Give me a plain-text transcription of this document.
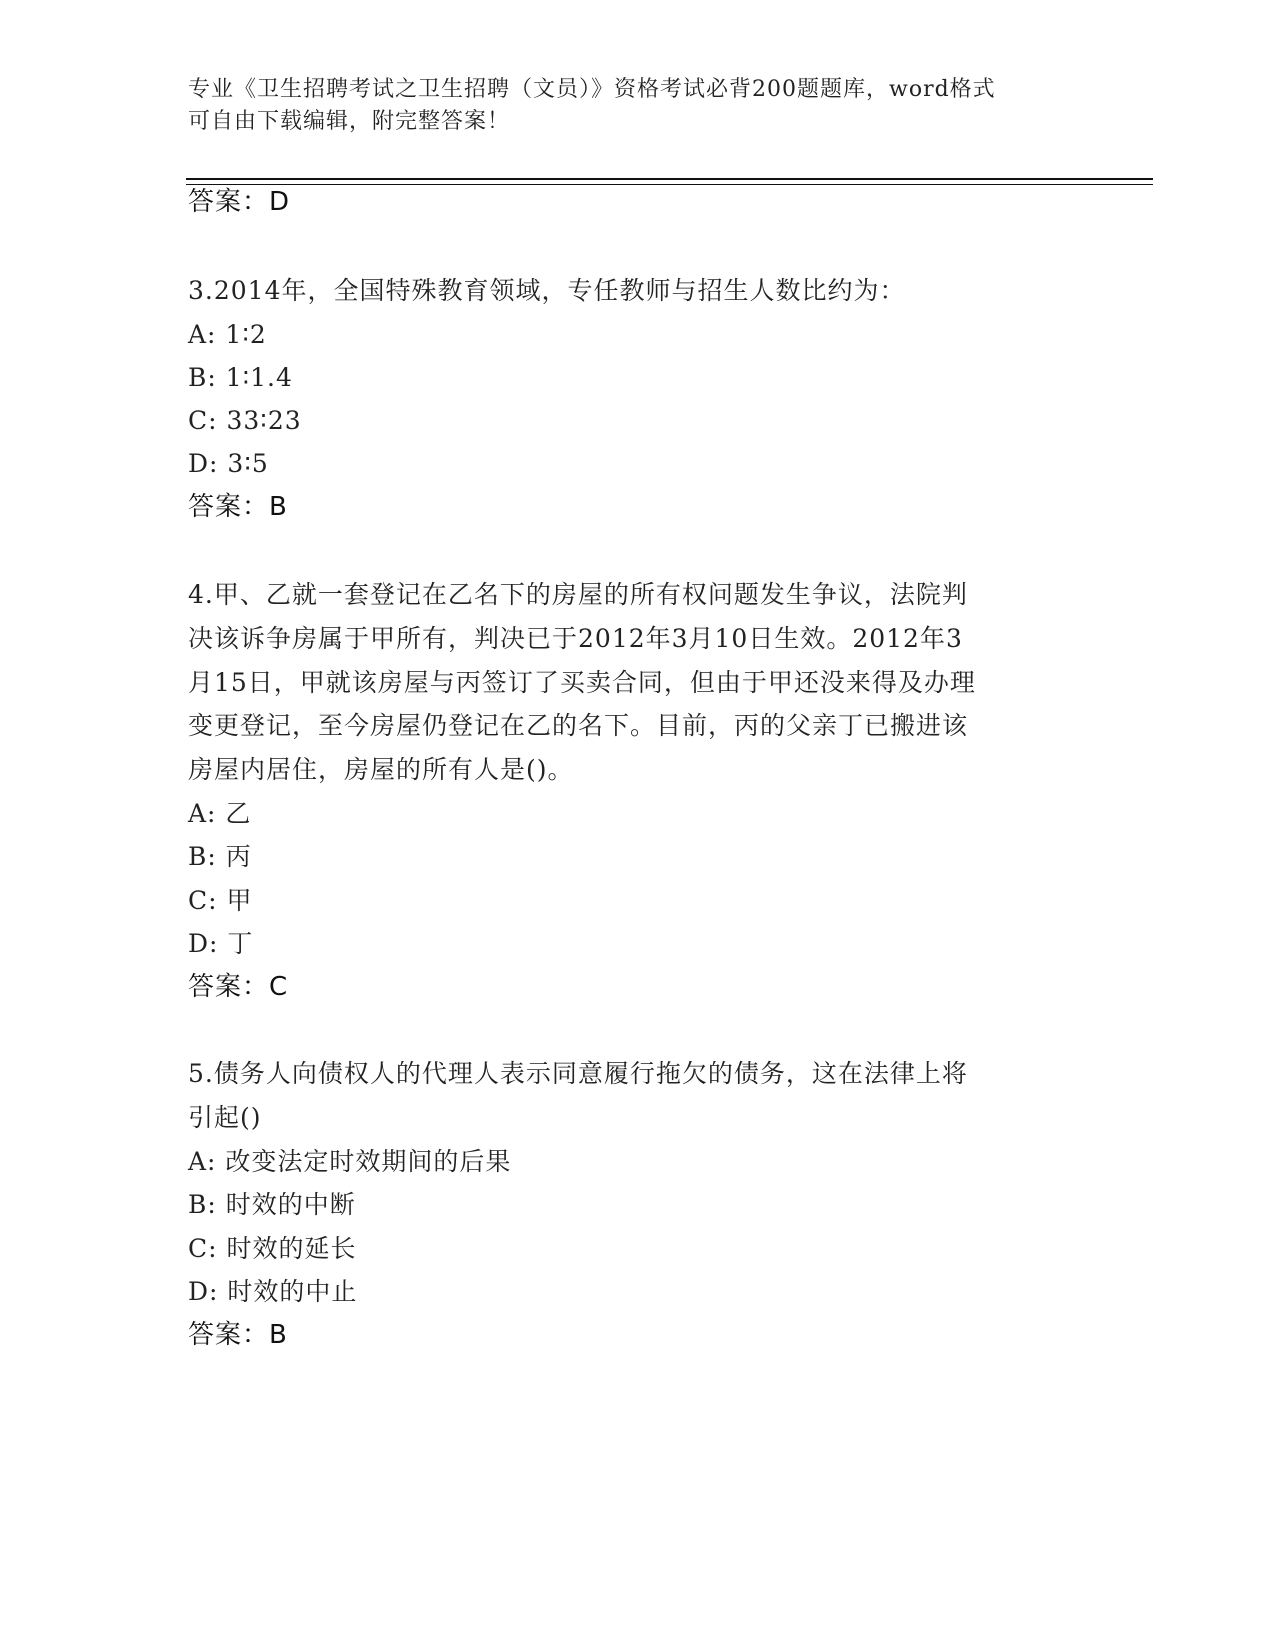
专业《卫生招聘考试之卫生招聘（文员）》资格考试必背200题题库，word格式
可自由下载编辑，附完整答案！
答案：D
3.2014年，全国特殊教育领域，专任教师与招生人数比约为：
A: 1∶2
B: 1∶1.4
C: 33∶23
D: 3∶5
答案：B
4.甲、乙就一套登记在乙名下的房屋的所有权问题发生争议，法院判
决该诉争房属于甲所有，判决已于2012年3月10日生效。2012年3
月15日，甲就该房屋与丙签订了买卖合同，但由于甲还没来得及办理
变更登记，至今房屋仍登记在乙的名下。目前，丙的父亲丁已搬进该
房屋内居住，房屋的所有人是()。
A: 乙
B: 丙
C: 甲
D: 丁
答案：C
5.债务人向债权人的代理人表示同意履行拖欠的债务，这在法律上将
引起()
A: 改变法定时效期间的后果
B: 时效的中断
C: 时效的延长
D: 时效的中止
答案：B
